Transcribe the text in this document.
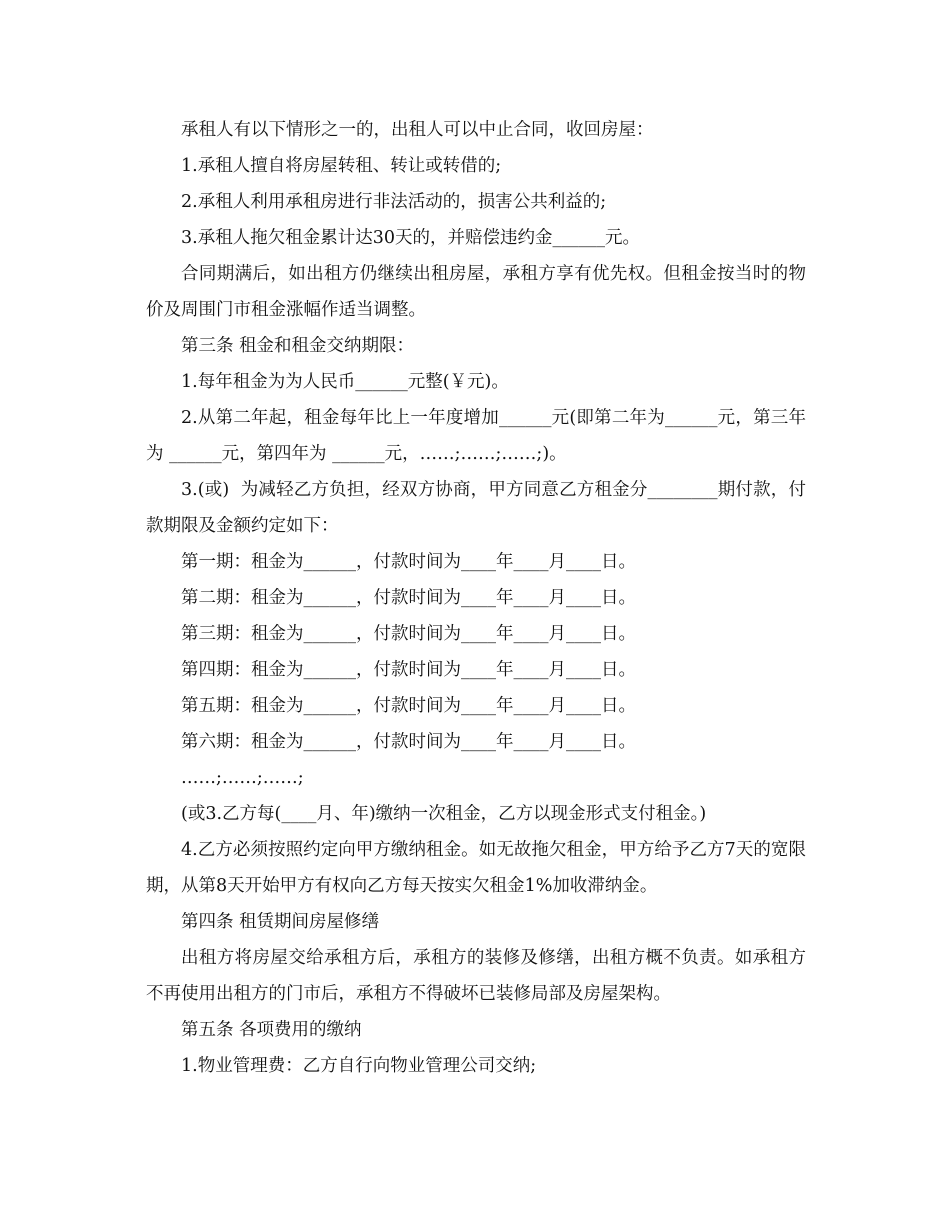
承租人有以下情形之一的，出租人可以中止合同，收回房屋：

1.承租人擅自将房屋转租、转让或转借的;

2.承租人利用承租房进行非法活动的，损害公共利益的;

3.承租人拖欠租金累计达30天的，并赔偿违约金______元。

合同期满后，如出租方仍继续出租房屋，承租方享有优先权。但租金按当时的物价及周围门市租金涨幅作适当调整。

第三条 租金和租金交纳期限：

1.每年租金为为人民币______元整(￥元)。

2.从第二年起，租金每年比上一年度增加______元(即第二年为______元，第三年为 ______元，第四年为 ______元，……;……;……;)。

3.(或)  为减轻乙方负担，经双方协商，甲方同意乙方租金分________期付款，付款期限及金额约定如下：

第一期：租金为______，付款时间为____年____月____日。

第二期：租金为______，付款时间为____年____月____日。

第三期：租金为______，付款时间为____年____月____日。

第四期：租金为______，付款时间为____年____月____日。

第五期：租金为______，付款时间为____年____月____日。

第六期：租金为______，付款时间为____年____月____日。

……;……;……;

(或3.乙方每(____月、年)缴纳一次租金，乙方以现金形式支付租金。)

4.乙方必须按照约定向甲方缴纳租金。如无故拖欠租金，甲方给予乙方7天的宽限期，从第8天开始甲方有权向乙方每天按实欠租金1%加收滞纳金。

第四条 租赁期间房屋修缮

出租方将房屋交给承租方后，承租方的装修及修缮，出租方概不负责。如承租方不再使用出租方的门市后，承租方不得破坏已装修局部及房屋架构。

第五条 各项费用的缴纳

1.物业管理费：乙方自行向物业管理公司交纳;
